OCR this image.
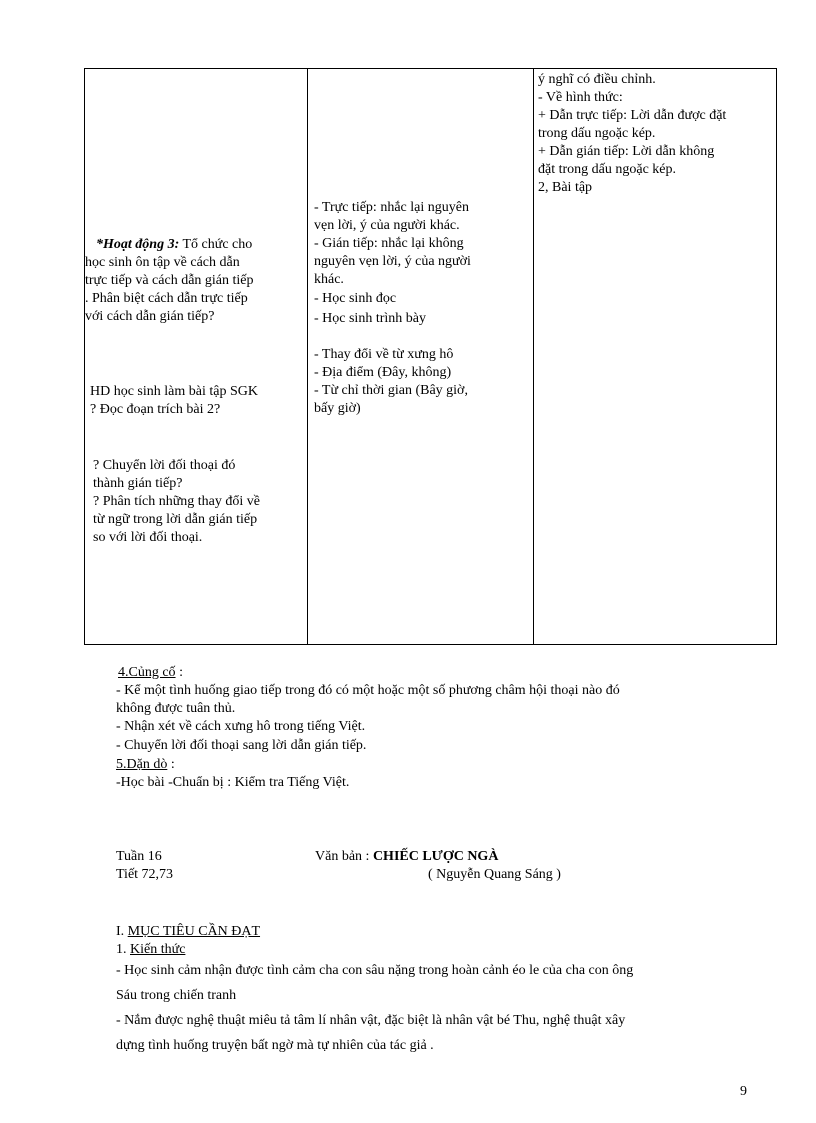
*Hoạt động 3: Tổ chức cho
học sinh ôn tập về cách dẫn
trực tiếp và cách dẫn gián tiếp
. Phân biệt cách dẫn trực tiếp
với cách dẫn gián tiếp?
HD học sinh làm bài tập SGK
? Đọc đoạn trích bài 2?
? Chuyển lời đối thoại đó
thành gián tiếp?
? Phân tích những thay đổi về
từ ngữ trong lời dẫn gián tiếp
so với lời đối thoại.

- Trực tiếp: nhắc lại nguyên
vẹn lời, ý của người khác.
- Gián tiếp: nhắc lại không
nguyên vẹn lời, ý của người
khác.
- Học sinh đọc
- Học sinh trình bày
- Thay đổi về từ xưng hô
- Địa điểm (Đây, không)
- Từ chỉ thời gian (Bây giờ,
bấy giờ)

ý nghĩ có điều chỉnh.
- Về hình thức:
+ Dẫn trực tiếp: Lời dẫn được đặt
trong dấu ngoặc kép.
+ Dẫn gián tiếp: Lời dẫn không
đặt trong dấu ngoặc kép.
2, Bài tập
4.Củng cố :
- Kể một tình huống giao tiếp trong đó có một hoặc một số phương châm hội thoại nào đó
không được tuân thủ.
- Nhận xét về cách xưng hô trong tiếng Việt.
- Chuyển lời đối thoại sang lời dẫn gián tiếp.
5.Dặn dò :
-Học bài -Chuẩn bị : Kiểm tra Tiếng Việt.
Tuần 16
Tiết 72,73
Văn bản : CHIẾC LƯỢC NGÀ
( Nguyễn Quang Sáng )
I. MỤC TIÊU CẦN ĐẠT
1. Kiến thức
- Học sinh cảm nhận được tình cảm cha con sâu nặng trong hoàn cảnh éo le của cha con ông
Sáu trong chiến tranh
- Nắm được nghệ thuật miêu tả tâm lí nhân vật, đặc biệt là nhân vật bé Thu, nghệ thuật xây
dựng tình huống truyện bất ngờ mà tự nhiên của tác giả .
9
